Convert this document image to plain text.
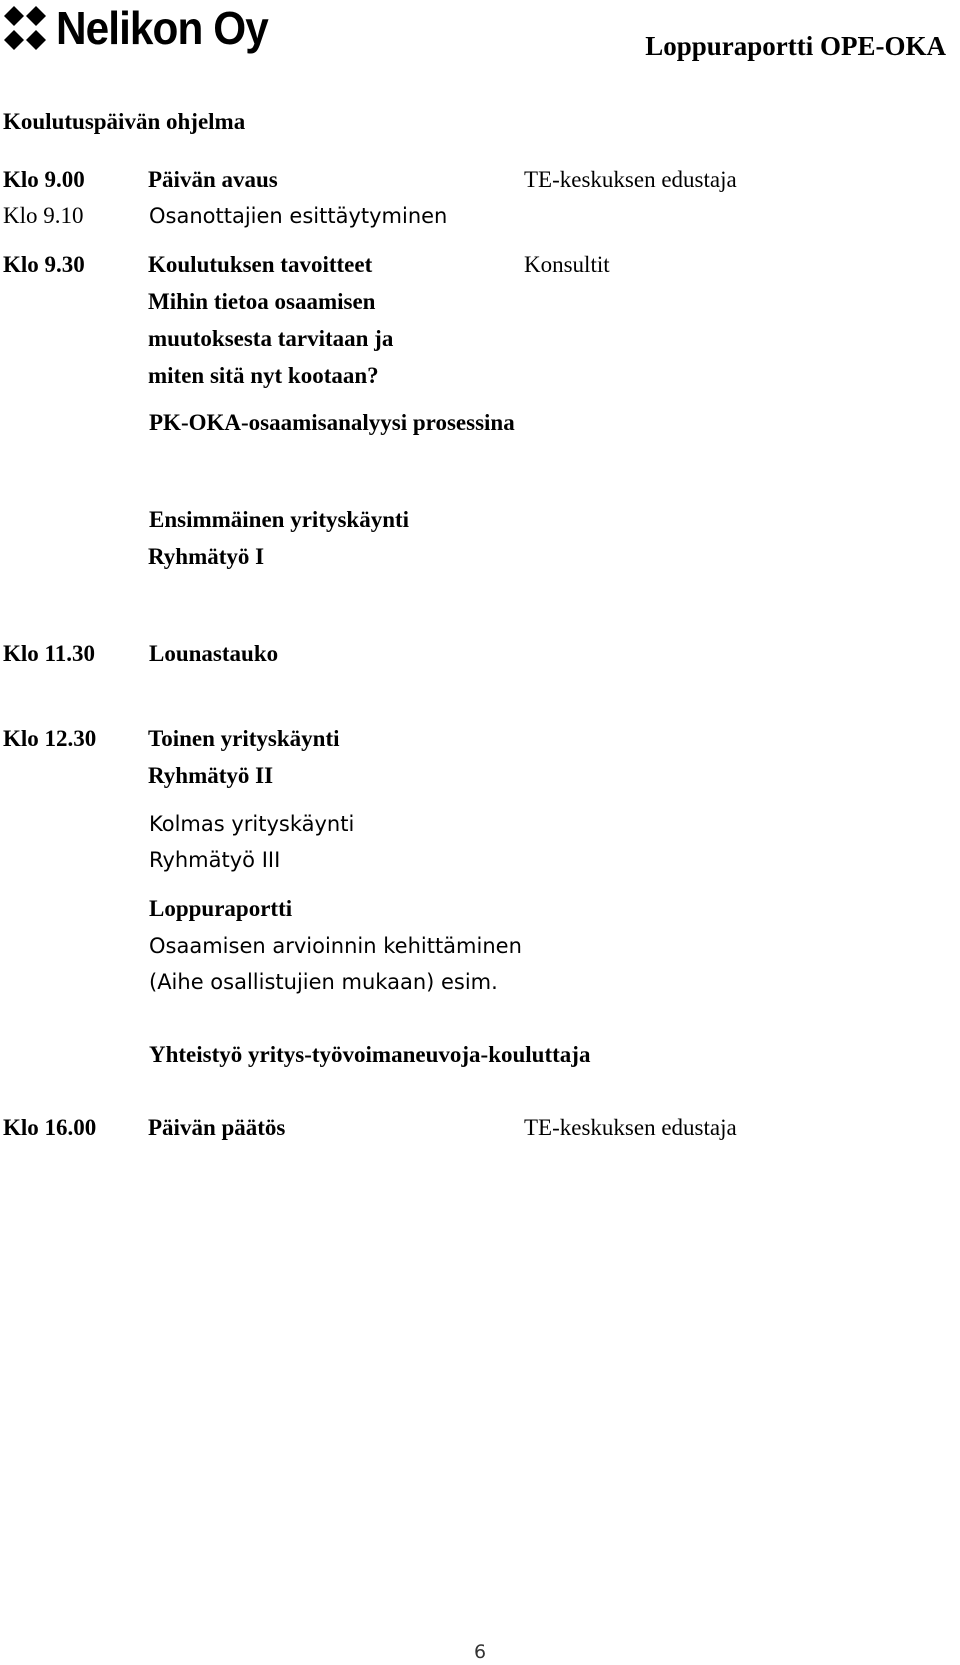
Nelikon Oy	Loppuraportti OPE-OKA
Koulutuspäivän ohjelma
Klo 9.00	Päivän avaus	TE-keskuksen edustaja
Klo 9.10	Osanottajien esittäytyminen
Klo 9.30	Koulutuksen tavoitteet	Konsultit
Mihin tietoa osaamisen
muutoksesta tarvitaan ja
miten sitä nyt kootaan?
PK-OKA-osaamisanalyysi prosessina
Ensimmäinen yrityskäynti
Ryhmätyö I
Klo 11.30 Lounastauko
Klo 12.30 Toinen yrityskäynti
Ryhmätyö II
Kolmas yrityskäynti
Ryhmätyö III
Loppuraportti
Osaamisen arvioinnin kehittäminen
(Aihe osallistujien mukaan) esim.
Yhteistyö yritys-työvoimaneuvoja-kouluttaja
Klo 16.00 Päivän päätös	TE-keskuksen edustaja
6
